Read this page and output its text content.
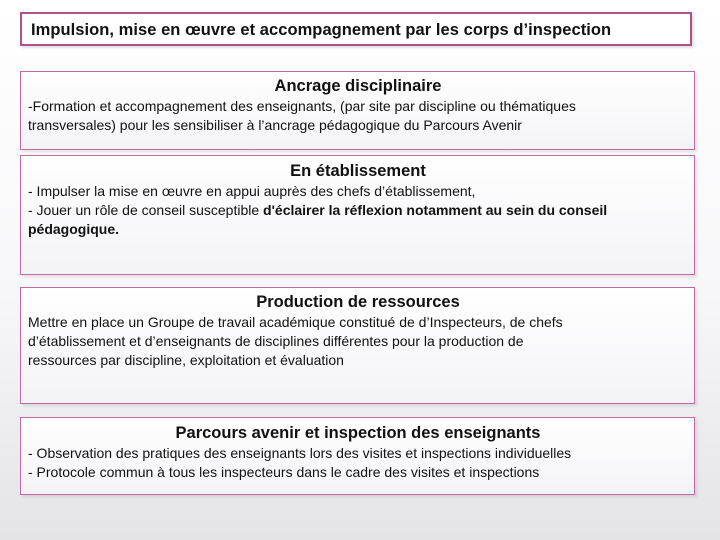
Impulsion, mise en œuvre et accompagnement par les corps d’inspection
Ancrage disciplinaire
-Formation et accompagnement des enseignants, (par site par discipline ou thématiques
transversales) pour les sensibiliser à l’ancrage pédagogique du Parcours Avenir
En établissement
- Impulser la mise en œuvre en appui auprès des chefs d’établissement,
- Jouer un rôle de conseil susceptible d'éclairer la réflexion notamment au sein du conseil
pédagogique.
Production de ressources
Mettre en place un Groupe de travail académique constitué de d’Inspecteurs, de chefs
d’établissement et d’enseignants de disciplines différentes pour la production de
ressources par discipline, exploitation et évaluation
Parcours avenir et inspection des enseignants
- Observation des pratiques des enseignants lors des visites et inspections individuelles
- Protocole commun à tous les inspecteurs dans le cadre des visites et inspections
